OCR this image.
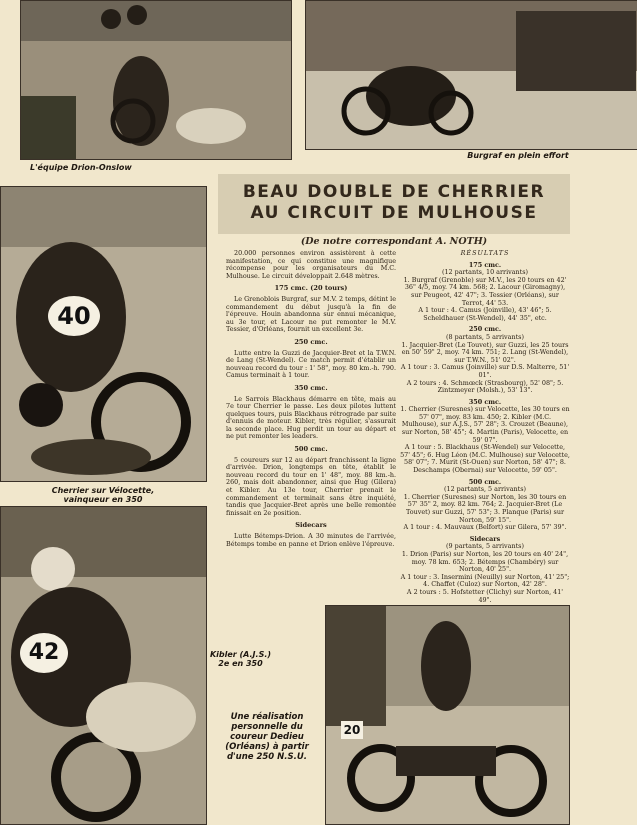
L'équipe Drion-Onslow
Burgraf en plein effort
40
Cherrier sur Vélocette,
vainqueur en 350
42	Kibler (A.J.S.)
2e en 350
20
Une réalisation
personnelle du
coureur Dedieu
(Orléans) à partir
d'une 250 N.S.U.
BEAU DOUBLE DE CHERRIER
AU CIRCUIT DE MULHOUSE
(De notre correspondant A. NOTH)

20.000 personnes environ assistèrent à cette manifestation, ce qui constitue une magnifique récompense pour les organisateurs du M.C. Mulhouse. Le circuit développait 2.648 mètres.

175 cmc. (20 tours)

Le Grenoblois Burgraf, sur M.V. 2 temps, détint le commandement du début jusqu'à la fin de l'épreuve. Houin abandonna sur ennui mécanique, au 3e tour, et Lacour ne put remonter le M.V. Tessier, d'Orléans, fournit un excellent 3e.

250 cmc.

Lutte entre la Guzzi de Jacquier-Bret et la T.W.N. de Lang (St-Wendel). Ce match permit d'établir un nouveau record du tour : 1' 58", moy. 80 km.-h. 790. Camus terminait à 1 tour.

350 cmc.

Le Sarrois Blackhaus démarre en tête, mais au 7e tour Cherrier le passe. Les deux pilotes luttent quelques tours, puis Blackhaus rétrograde par suite d'ennuis de moteur. Kibler, très régulier, s'assurait la seconde place. Hug perdit un tour au départ et ne put remonter les leaders.

500 cmc.

5 coureurs sur 12 au départ franchissent la ligne d'arrivée. Drion, longtemps en tête, établit le nouveau record du tour en 1' 48", moy. 88 km.-h. 260, mais doit abandonner, ainsi que Hug (Gilera) et Kibler. Au 13e tour, Cherrier prenait le commandement et terminait sans être inquiété, tandis que Jacquier-Bret après une belle remontée finissait en 2e position.

Sidecars

Lutte Bétemps-Drion. A 30 minutes de l'arrivée, Bétemps tombe en panne et Drion enlève l'épreuve.

RÉSULTATS
175 cmc.

(12 partants, 10 arrivants)

1. Burgraf (Grenoble) sur M.V., les 20 tours en 42' 36" 4/5, moy. 74 km. 568; 2. Lacour (Giromagny), sur Peugeot, 42' 47"; 3. Tessier (Orléans), sur Terrot, 44' 53.

A 1 tour : 4. Camus (Joinville), 43' 46"; 5. Scheldhauer (St-Wendel), 44' 35", etc.

250 cmc.

(8 partants, 5 arrivants)

1. Jacquier-Bret (Le Touvet), sur Guzzi, les 25 tours en 50' 59" 2, moy. 74 km. 751; 2. Lang (St-Wendel), sur T.W.N., 51' 02".

A 1 tour : 3. Camus (Joinville) sur D.S. Malterre, 51' 01".

A 2 tours : 4. Schmœck (Strasbourg), 52' 08"; 5. Zintzmeyer (Molsh.), 53' 13".

350 cmc.

1. Cherrier (Suresnes) sur Velocette, les 30 tours en 57' 07", moy. 83 km. 450; 2. Kibler (M.C. Mulhouse), sur A.J.S., 57' 28"; 3. Crouzet (Beaune), sur Norton, 58' 45"; 4. Martin (Paris), Velocette, en 59' 07".

A 1 tour : 5. Blackhaus (St-Wendel) sur Velocette, 57' 45"; 6. Hug Léon (M.C. Mulhouse) sur Velocette, 58' 07"; 7. Murit (St-Ouen) sur Norton, 58' 47"; 8. Deschamps (Obernai) sur Velocette, 59' 05".

500 cmc.

(12 partants, 5 arrivants)

1. Cherrier (Suresnes) sur Norton, les 30 tours en 57' 35" 2, moy. 82 km. 764; 2. Jacquier-Bret (Le Touvet) sur Guzzi, 57' 53"; 3. Planque (Paris) sur Norton, 59' 15".

A 1 tour : 4. Mauvaux (Belfort) sur Gilera, 57' 39".

Sidecars

(9 partants, 5 arrivants)

1. Drion (Paris) sur Norton, les 20 tours en 40' 24", moy. 78 km. 653; 2. Bétemps (Chambéry) sur Norton, 40' 25".

A 1 tour : 3. Insermini (Neuilly) sur Norton, 41' 25"; 4. Chaffet (Culoz) sur Norton, 42' 28".

A 2 tours : 5. Hofstetter (Clichy) sur Norton, 41' 49".
